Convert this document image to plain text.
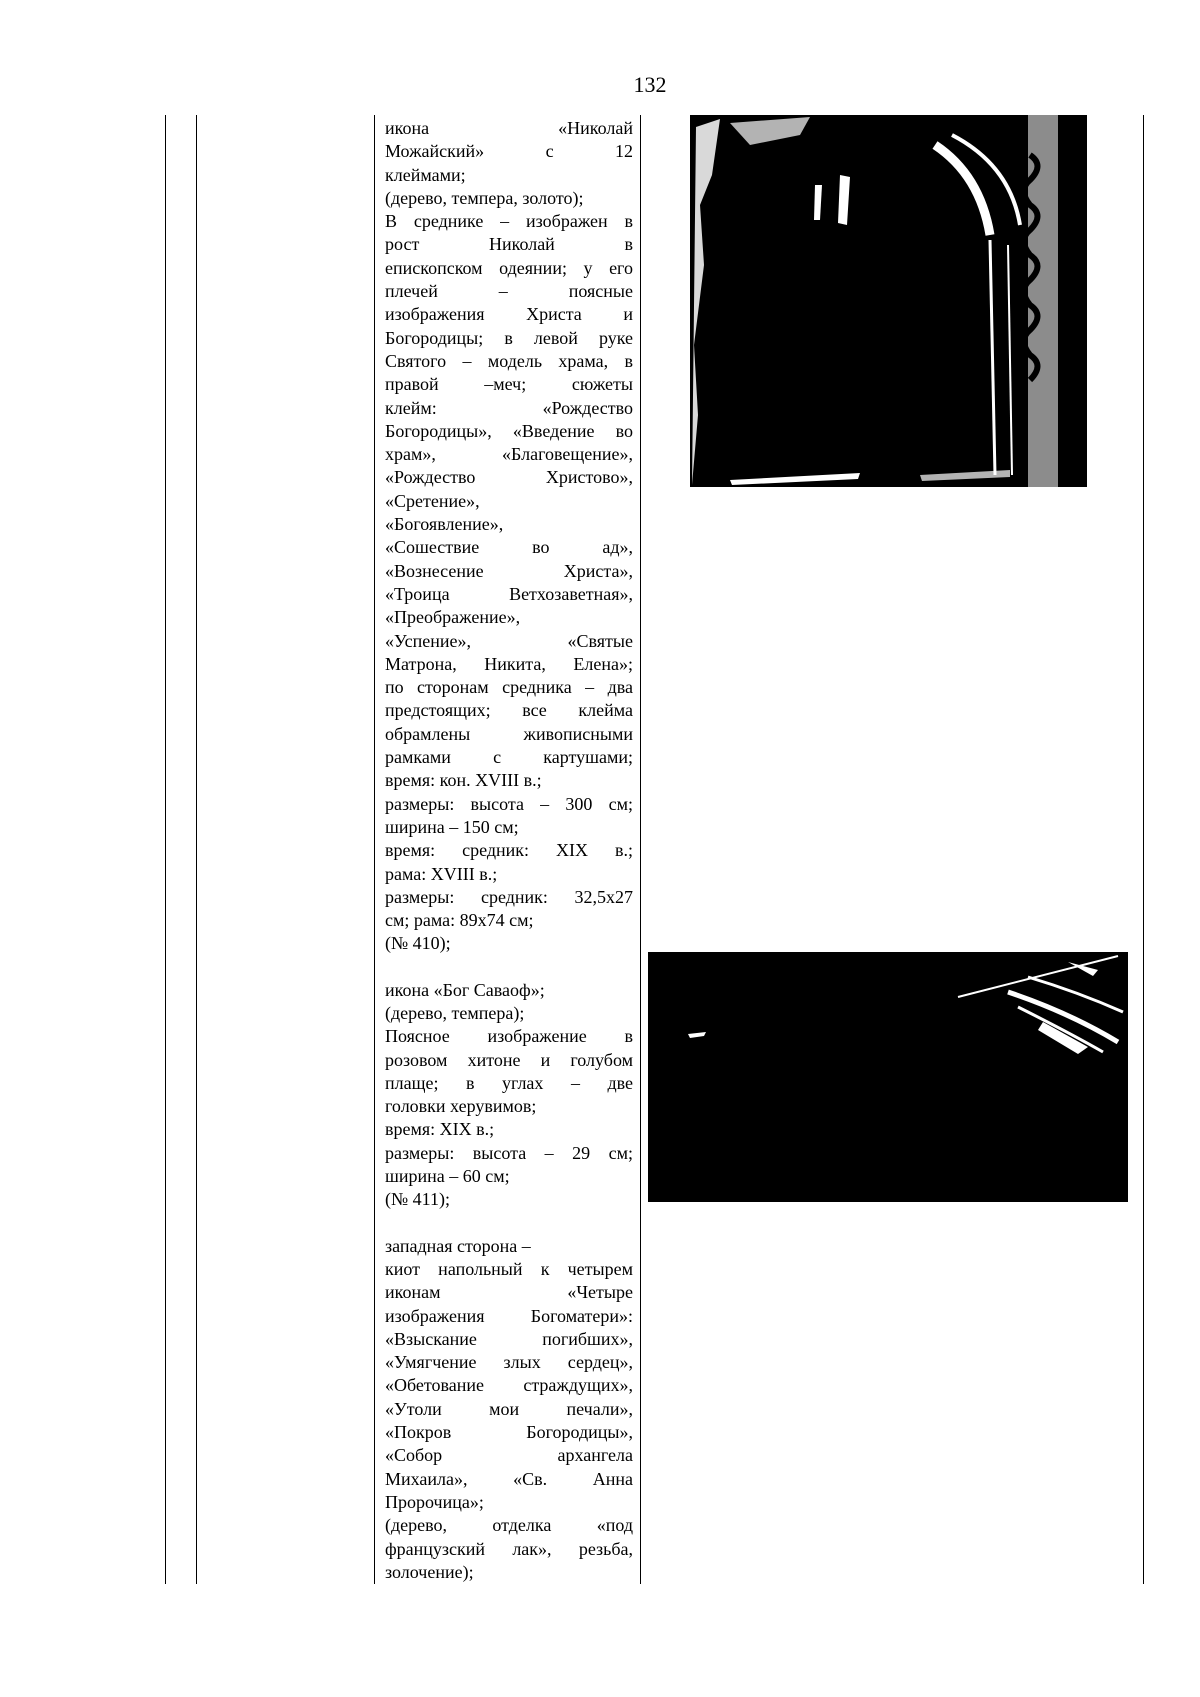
132
икона «Николай
Можайский» с 12
клеймами;
(дерево, темпера, золото);
В среднике – изображен в
рост Николай в
епископском одеянии; у его
плечей – поясные
изображения Христа и
Богородицы; в левой руке
Святого – модель храма, в
правой –меч; сюжеты
клейм: «Рождество
Богородицы», «Введение во
храм», «Благовещение»,
«Рождество Христово»,
«Сретение»,
«Богоявление»,
«Сошествие во ад»,
«Вознесение Христа»,
«Троица Ветхозаветная»,
«Преображение»,
«Успение», «Святые
Матрона, Никита, Елена»;
по сторонам средника – два
предстоящих; все клейма
обрамлены живописными
рамками с картушами;
время: кон. XVIII в.;
размеры: высота – 300 см;
ширина – 150 см;
время: средник: XIX в.;
рама: XVIII в.;
размеры: средник: 32,5х27
см; рама: 89х74 см;
(№ 410);
икона «Бог Саваоф»;
(дерево, темпера);
Поясное изображение в
розовом хитоне и голубом
плаще; в углах – две
головки херувимов;
время: XIX в.;
размеры: высота – 29 см;
ширина – 60 см;
(№ 411);
западная сторона –
киот напольный к четырем
иконам «Четыре
изображения Богоматери»:
«Взыскание погибших»,
«Умягчение злых сердец»,
«Обетование страждущих»,
«Утоли мои печали»,
«Покров Богородицы»,
«Собор архангела
Михаила», «Св. Анна
Пророчица»;
(дерево, отделка «под
французский лак», резьба,
золочение);
